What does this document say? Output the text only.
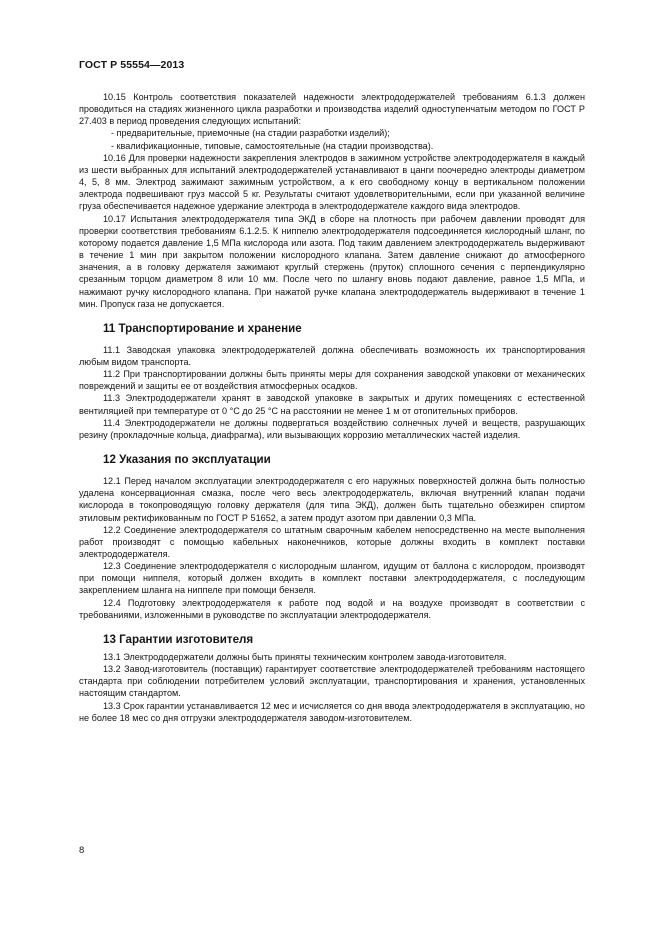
ГОСТ Р 55554—2013

10.15 Контроль соответствия показателей надежности электрододержателей требованиям 6.1.3 должен проводиться на стадиях жизненного цикла разработки и производства изделий одноступенчатым методом по ГОСТ Р 27.403 в период проведения следующих испытаний:

- предварительные, приемочные (на стадии разработки изделий);

- квалификационные, типовые, самостоятельные (на стадии производства).

10.16 Для проверки надежности закрепления электродов в зажимном устройстве электрододержателя в каждый из шести выбранных для испытаний электрододержателей устанавливают в цанги поочередно электроды диаметром 4, 5, 8 мм. Электрод зажимают зажимным устройством, а к его свободному концу в вертикальном положении электрода подвешивают груз массой 5 кг. Результаты считают удовлетворительными, если при указанной величине груза обеспечивается надежное удержание электрода в электрододержателе каждого вида электродов.

10.17 Испытания электрододержателя типа ЭКД в сборе на плотность при рабочем давлении проводят для проверки соответствия требованиям 6.1.2.5. К ниппелю электрододержателя подсоединяется кислородный шланг, по которому подается давление 1,5 МПа кислорода или азота. Под таким давлением электрододержатель выдерживают в течение 1 мин при закрытом положении кислородного клапана. Затем давление снижают до атмосферного значения, а в головку держателя зажимают круглый стержень (пруток) сплошного сечения с перпендикулярно срезанным торцом диаметром 8 или 10 мм. После чего по шлангу вновь подают давление, равное 1,5 МПа, и нажимают ручку кислородного клапана. При нажатой ручке клапана электрододержатель выдерживают в течение 1 мин. Пропуск газа не допускается.

11 Транспортирование и хранение

11.1 Заводская упаковка электрододержателей должна обеспечивать возможность их транспортирования любым видом транспорта.

11.2 При транспортировании должны быть приняты меры для сохранения заводской упаковки от механических повреждений и защиты ее от воздействия атмосферных осадков.

11.3 Электрододержатели хранят в заводской упаковке в закрытых и других помещениях с естественной вентиляцией при температуре от 0 °С до 25 °С на расстоянии не менее 1 м от отопительных приборов.

11.4 Электрододержатели не должны подвергаться воздействию солнечных лучей и веществ, разрушающих резину (прокладочные кольца, диафрагма), или вызывающих коррозию металлических частей изделия.

12 Указания по эксплуатации

12.1 Перед началом эксплуатации электрододержателя с его наружных поверхностей должна быть полностью удалена консервационная смазка, после чего весь электрододержатель, включая внутренний клапан подачи кислорода в токопроводящую головку держателя (для типа ЭКД), должен быть тщательно обезжирен спиртом этиловым ректификованным по ГОСТ Р 51652, а затем продут азотом при давлении 0,3 МПа.

12.2 Соединение электрододержателя со штатным сварочным кабелем непосредственно на месте выполнения работ производят с помощью кабельных наконечников, которые должны входить в комплект поставки электрододержателя.

12.3 Соединение электрододержателя с кислородным шлангом, идущим от баллона с кислородом, производят при помощи ниппеля, который должен входить в комплект поставки электрододержателя, с последующим закреплением шланга на ниппеле при помощи бензеля.

12.4 Подготовку электрододержателя к работе под водой и на воздухе производят в соответствии с требованиями, изложенными в руководстве по эксплуатации электрододержателя.

13 Гарантии изготовителя

13.1 Электрододержатели должны быть приняты техническим контролем завода-изготовителя.

13.2 Завод-изготовитель (поставщик) гарантирует соответствие электрододержателей требованиям настоящего стандарта при соблюдении потребителем условий эксплуатации, транспортирования и хранения, установленных настоящим стандартом.

13.3 Срок гарантии устанавливается 12 мес и исчисляется со дня ввода электрододержателя в эксплуатацию, но не более 18 мес со дня отгрузки электрододержателя заводом-изготовителем.

8
